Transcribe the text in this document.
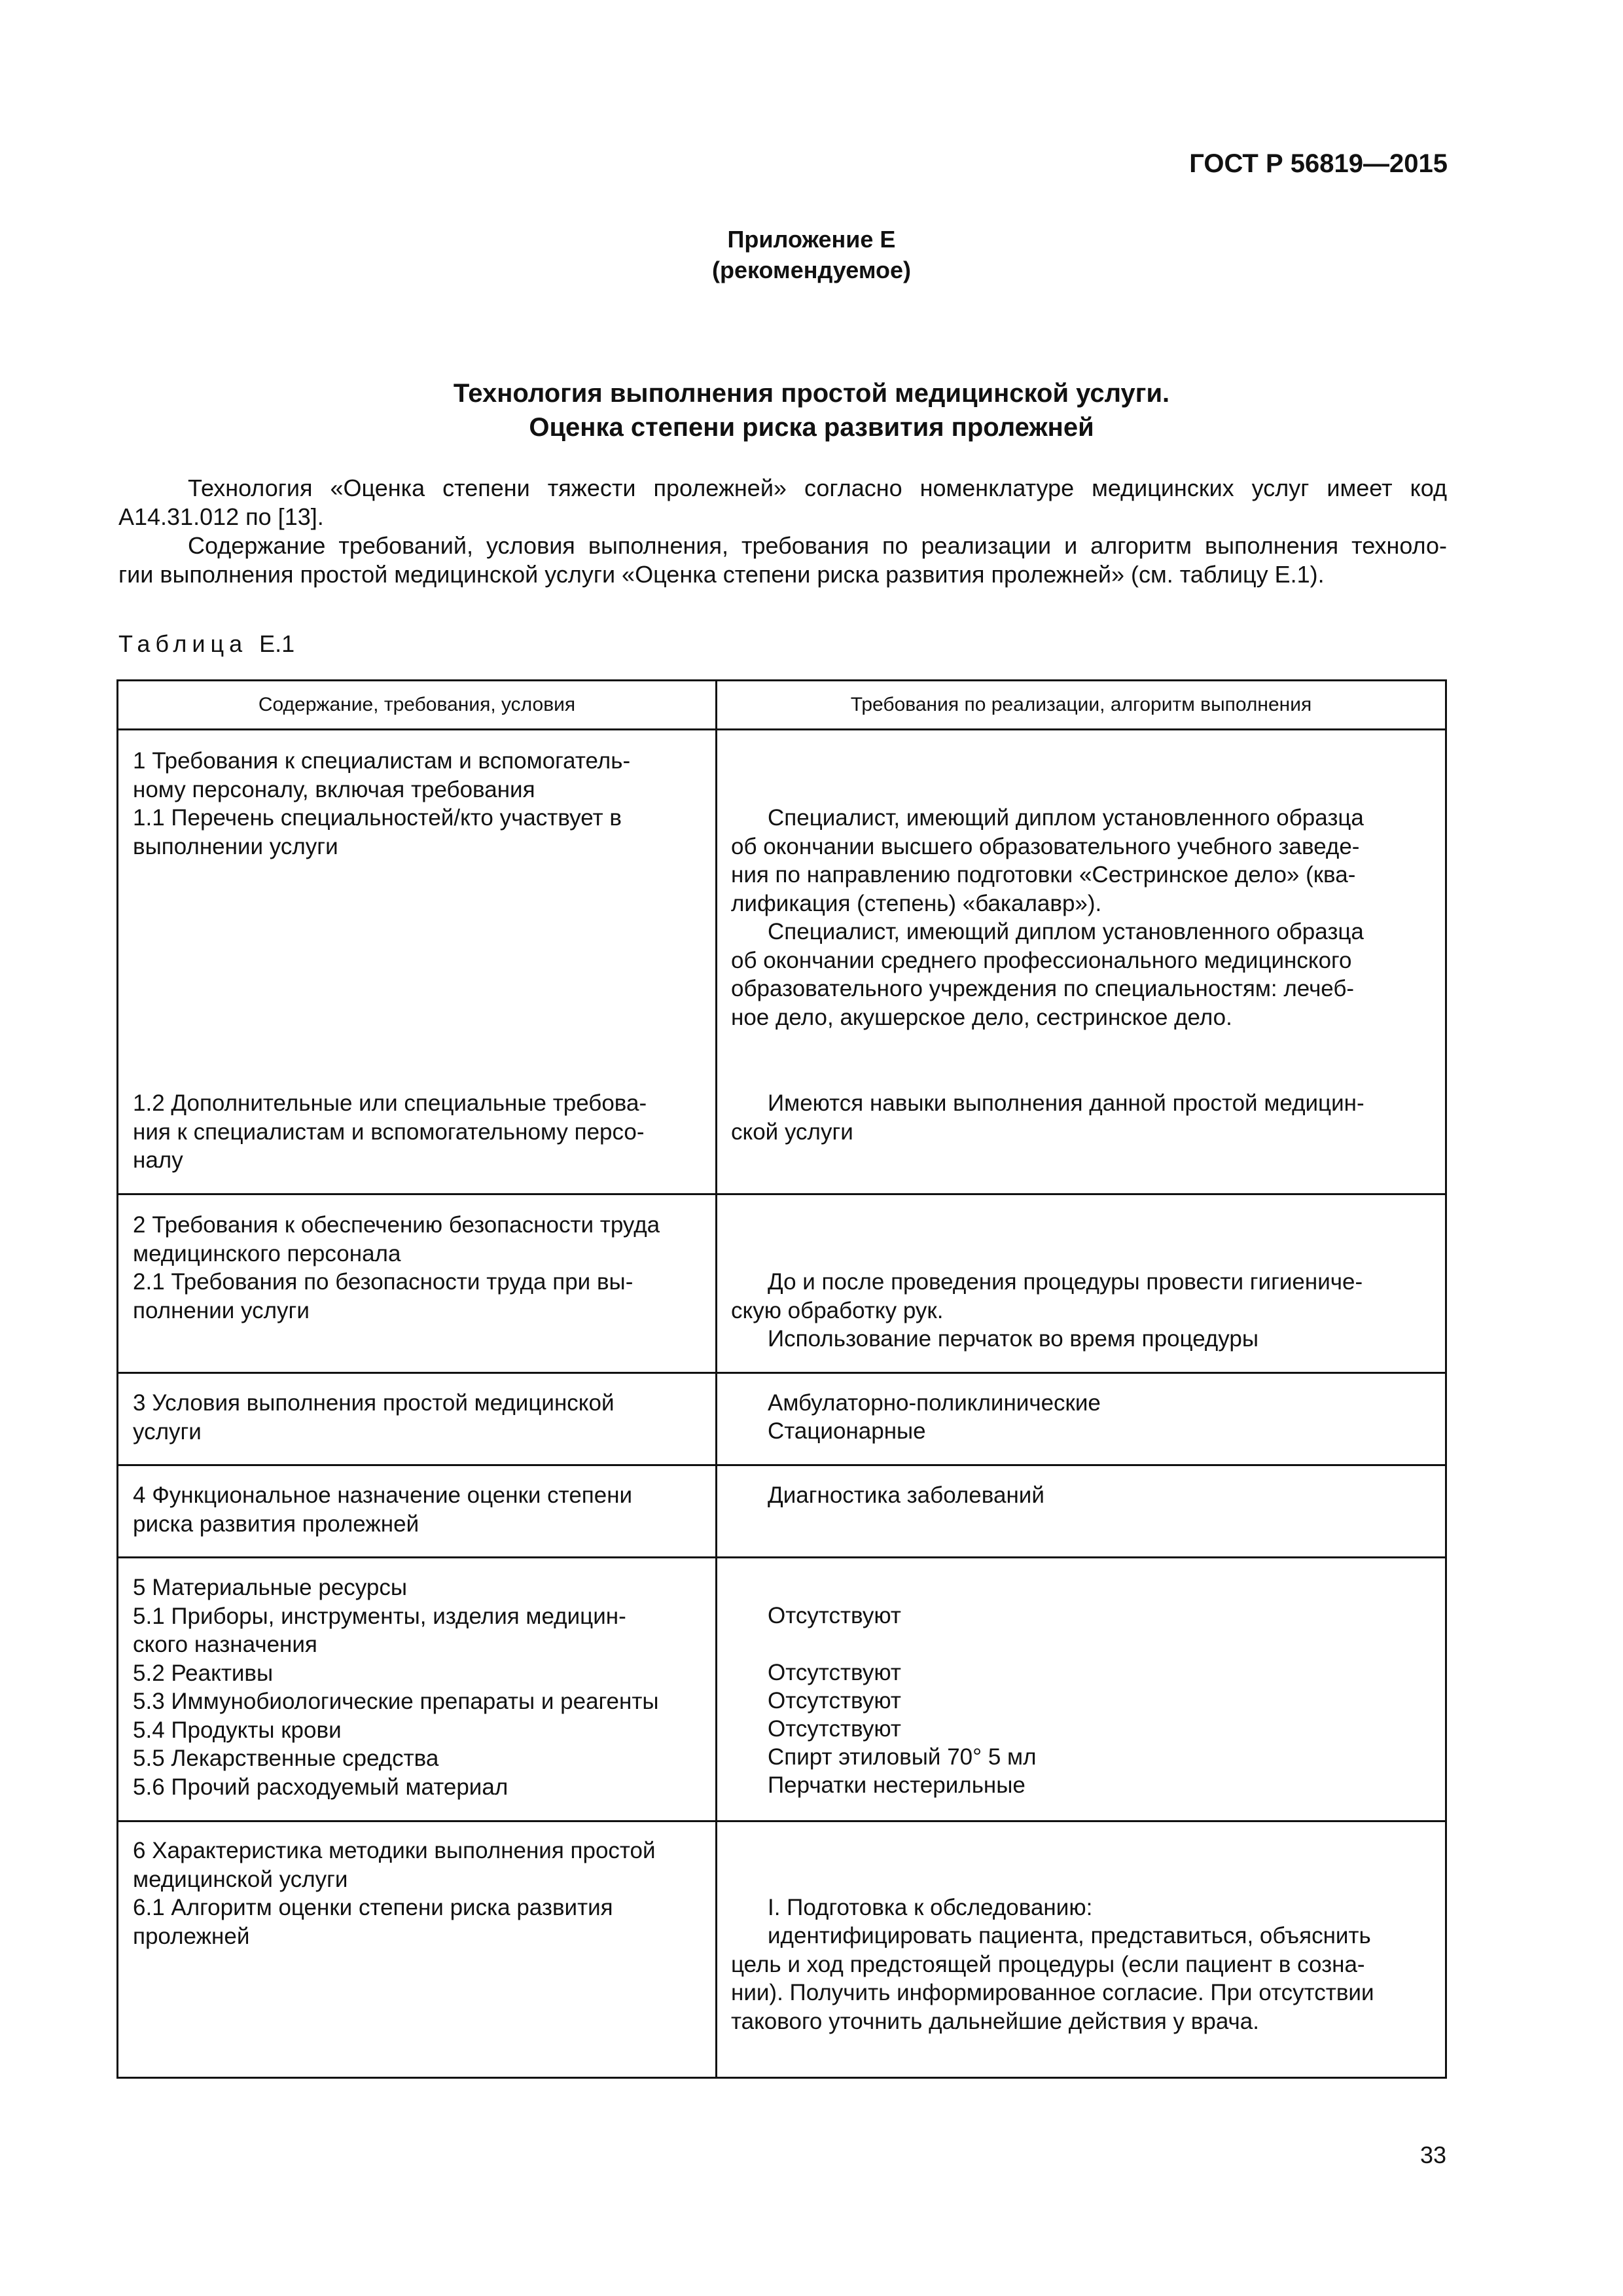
ГОСТ Р 56819—2015
Приложение Е
(рекомендуемое)
Технология выполнения простой медицинской услуги.
Оценка степени риска развития пролежней
Технология «Оценка степени тяжести пролежней» согласно номенклатуре медицинских услуг имеет код
А14.31.012 по [13].
Содержание требований, условия выполнения, требования по реализации и алгоритм выполнения техноло-
гии выполнения простой медицинской услуги «Оценка степени риска развития пролежней» (см. таблицу Е.1).
Таблица Е.1
Содержание, требования, условия	Требования по реализации, алгоритм выполнения
1 Требования к специалистам и вспомогатель-
ному персоналу, включая требования
1.1 Перечень специальностей/кто участвует в
выполнении услуги
Специалист, имеющий диплом установленного образца
об окончании высшего образовательного учебного заведе-
ния по направлению подготовки «Сестринское дело» (ква-
лификация (степень) «бакалавр»).
Специалист, имеющий диплом установленного образца
об окончании среднего профессионального медицинского
образовательного учреждения по специальностям: лечеб-
ное дело, акушерское дело, сестринское дело.
1.2 Дополнительные или специальные требова-
ния к специалистам и вспомогательному персо-
налу
Имеются навыки выполнения данной простой медицин-
ской услуги
2 Требования к обеспечению безопасности труда
медицинского персонала
2.1 Требования по безопасности труда при вы-
полнении услуги
До и после проведения процедуры провести гигиениче-
скую обработку рук.
Использование перчаток во время процедуры
3 Условия выполнения простой медицинской
услуги
Амбулаторно-поликлинические
Стационарные
4 Функциональное назначение оценки степени
риска развития пролежней
Диагностика заболеваний
5 Материальные ресурсы
5.1 Приборы, инструменты, изделия медицин-
ского назначения
5.2 Реактивы
5.3 Иммунобиологические препараты и реагенты
5.4 Продукты крови
5.5 Лекарственные средства
5.6 Прочий расходуемый материал
Отсутствуют
Отсутствуют
Отсутствуют
Отсутствуют
Спирт этиловый 70° 5 мл
Перчатки нестерильные
6 Характеристика методики выполнения простой
медицинской услуги
6.1 Алгоритм оценки степени риска развития
пролежней
I. Подготовка к обследованию:
идентифицировать пациента, представиться, объяснить
цель и ход предстоящей процедуры (если пациент в созна-
нии). Получить информированное согласие. При отсутствии
такового уточнить дальнейшие действия у врача.
33
